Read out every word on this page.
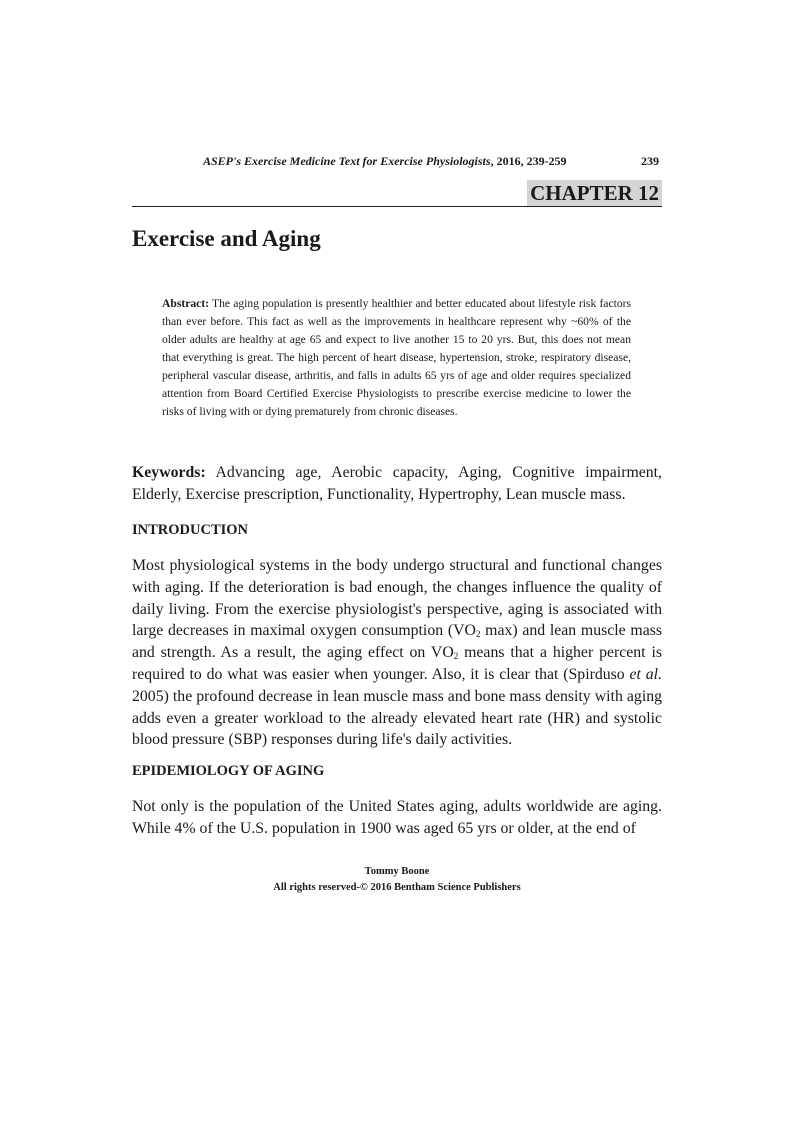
ASEP's Exercise Medicine Text for Exercise Physiologists, 2016, 239-259	239
CHAPTER 12
Exercise and Aging

Abstract: The aging population is presently healthier and better educated about lifestyle risk factors than ever before. This fact as well as the improvements in healthcare represent why ~60% of the older adults are healthy at age 65 and expect to live another 15 to 20 yrs. But, this does not mean that everything is great. The high percent of heart disease, hypertension, stroke, respiratory disease, peripheral vascular disease, arthritis, and falls in adults 65 yrs of age and older requires specialized attention from Board Certified Exercise Physiologists to prescribe exercise medicine to lower the risks of living with or dying prematurely from chronic diseases.

Keywords: Advancing age, Aerobic capacity, Aging, Cognitive impairment, Elderly, Exercise prescription, Functionality, Hypertrophy, Lean muscle mass.

INTRODUCTION

Most physiological systems in the body undergo structural and functional changes with aging. If the deterioration is bad enough, the changes influence the quality of daily living. From the exercise physiologist's perspective, aging is associated with large decreases in maximal oxygen consumption ($VO_2$ max) and lean muscle mass and strength. As a result, the aging effect on $VO_2$ means that a higher percent is required to do what was easier when younger. Also, it is clear that (Spirduso et al. 2005) the profound decrease in lean muscle mass and bone mass density with aging adds even a greater workload to the already elevated heart rate (HR) and systolic blood pressure (SBP) responses during life's daily activities.

EPIDEMIOLOGY OF AGING

Not only is the population of the United States aging, adults worldwide are aging. While 4% of the U.S. population in 1900 was aged 65 yrs or older, at the end of

Tommy Boone
All rights reserved-© 2016 Bentham Science Publishers
